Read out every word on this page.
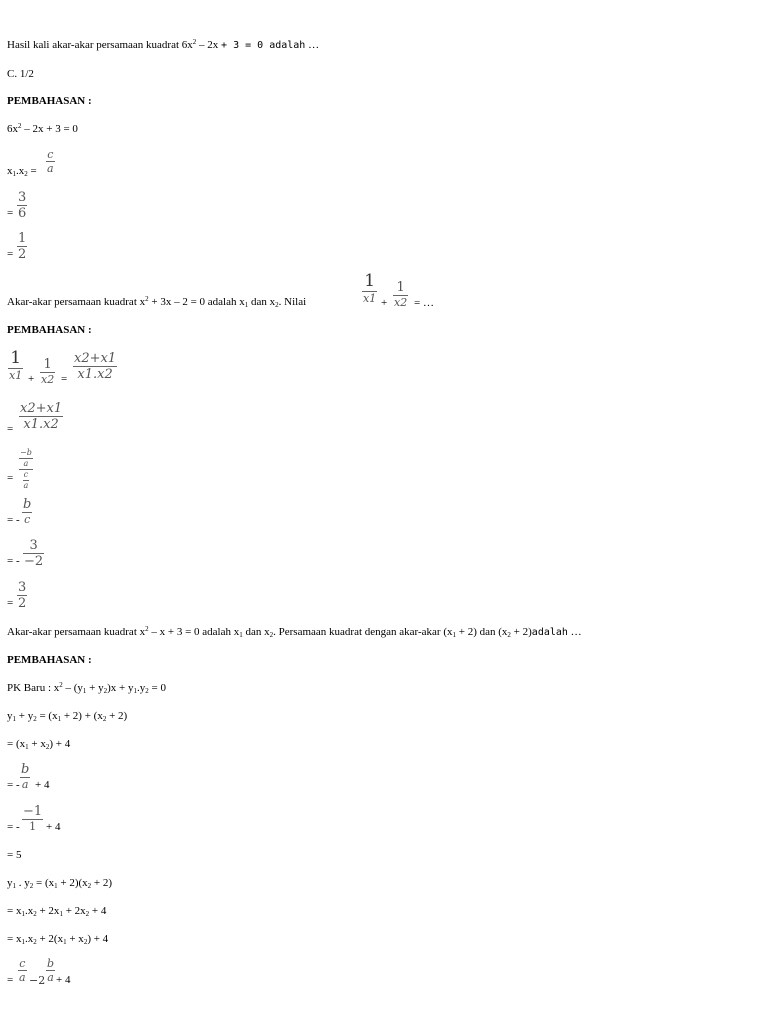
Hasil kali akar-akar persamaan kuadrat $6x^2 - 2x + 3 = 0$ adalah …
C. 1/2
PEMBAHASAN :
$6x^2 - 2x + 3 = 0$
$x_1.x_2$ =
c
a
=
3
6
=
1
2
Akar-akar persamaan kuadrat $x^2 + 3x - 2 = 0$ adalah $x_1$ dan $x_2$. Nilai
1
x1 +
1
x2 = …
PEMBAHASAN :
1
x1 +
1
x2 =
x2+x1
x1.x2
=
x2+x1
x1.x2
=
$\frac{-b}{a}$
$\frac{c}{a}$
= -
b
c
= -
3
−2
=
3
2
Akar-akar persamaan kuadrat $x^2 - x + 3 = 0$ adalah $x_1$ dan $x_2$. Persamaan kuadrat dengan akar-akar $(x_1 + 2)$ dan ($x_2$ + 2)adalah …
PEMBAHASAN :
PK Baru : $x^2 - (y_1 + y_2)x + y_1.y_2 = 0$
$y_1 + y_2 = (x_1 + 2) + (x_2 + 2)$
= $(x_1 + x_2) + 4$
= -
b
a + 4
= -
−1
1 + 4
= 5
$y_1$ . $y_2 = (x_1 + 2)(x_2 + 2)$
= $x_1.x_2 + 2x_1 + 2x_2 + 4$
= $x_1.x_2 + 2(x_1 + x_2) + 4$
=
c
a −2
b
a + 4
